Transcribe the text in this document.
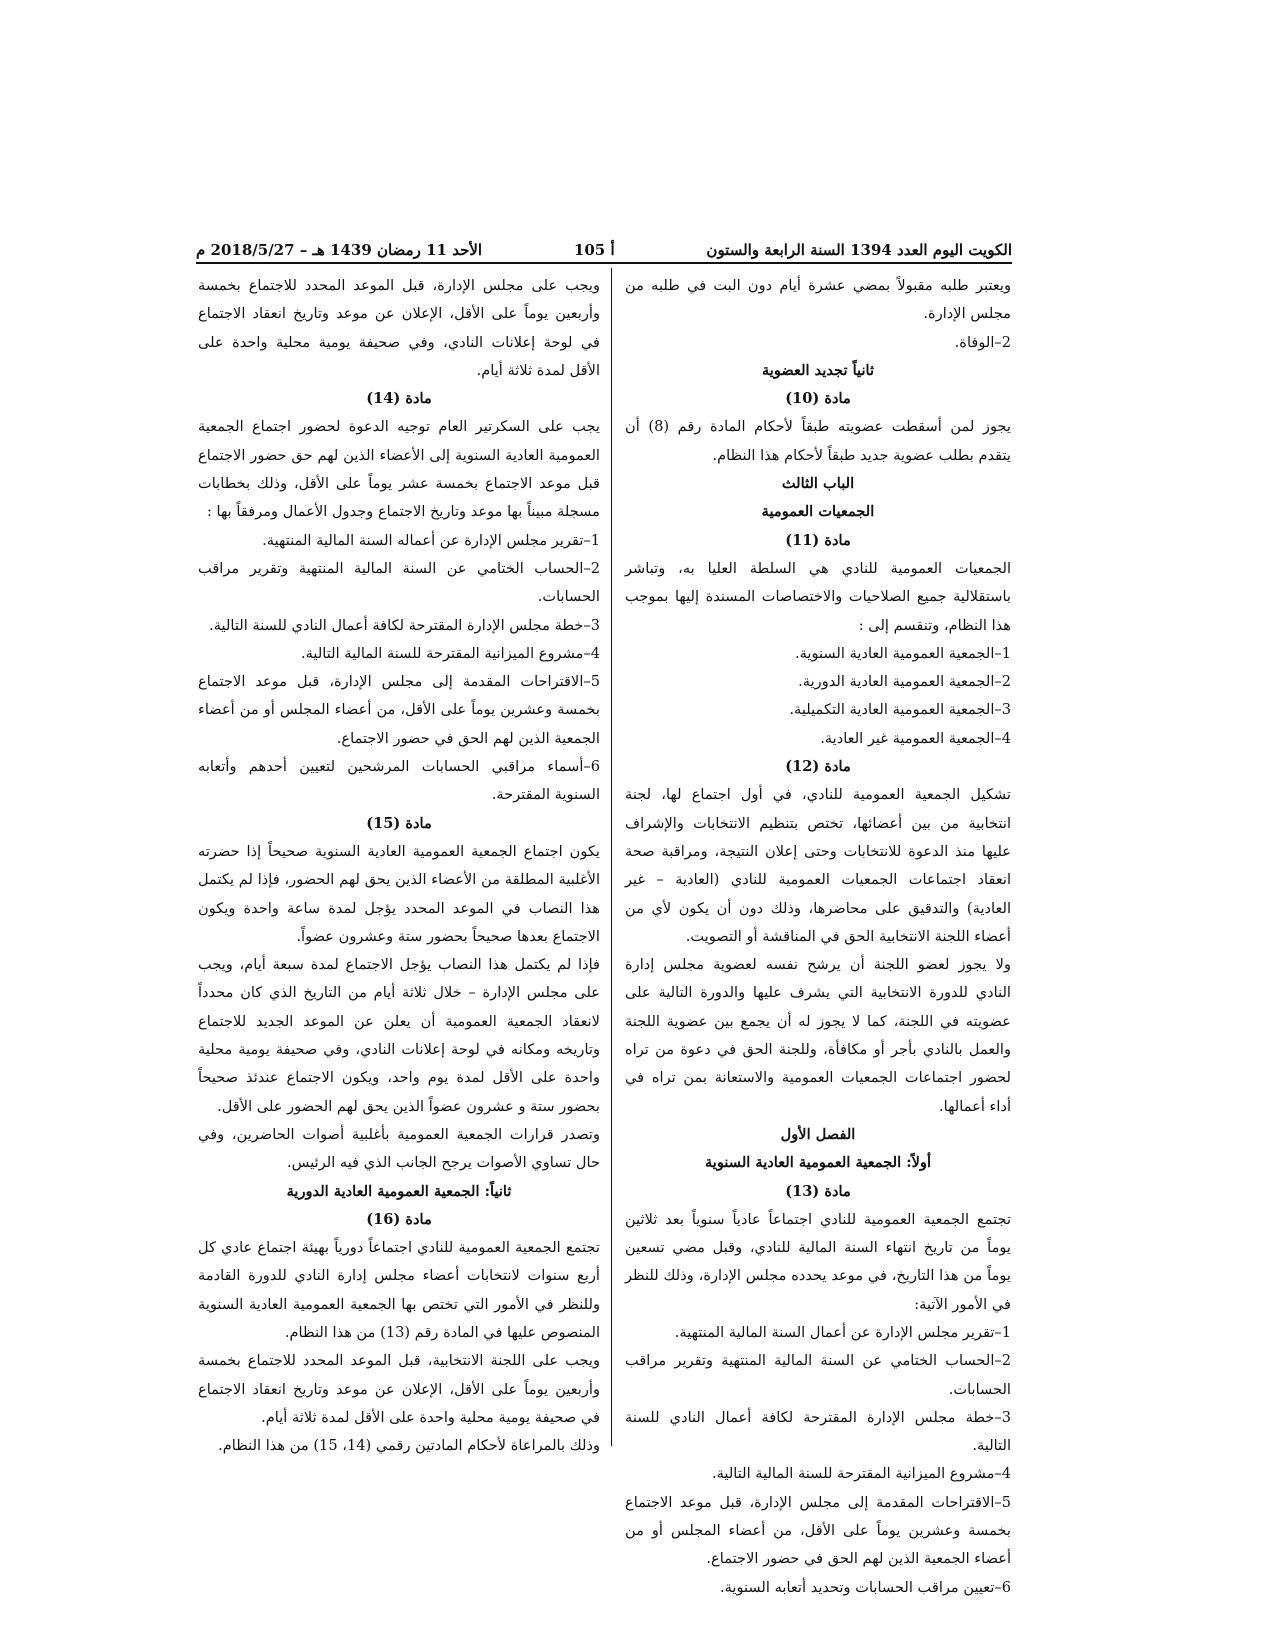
الكويت اليوم العدد 1394 السنة الرابعة والستون
أ 105
الأحد 11 رمضان 1439 هـ – 2018/5/27 م

ويعتبر طلبه مقبولاً بمضي عشرة أيام دون البت في طلبه من مجلس الإدارة.

2–الوفاة.

ثانياً تجديد العضوية

مادة (10)

يجوز لمن أسقطت عضويته طبقاً لأحكام المادة رقم (8) أن يتقدم بطلب عضوية جديد طبقاً لأحكام هذا النظام.

الباب الثالث

الجمعيات العمومية

مادة (11)

الجمعيات العمومية للنادي هي السلطة العليا به، وتباشر باستقلالية جميع الصلاحيات والاختصاصات المسندة إليها بموجب هذا النظام، وتنقسم إلى :

1–الجمعية العمومية العادية السنوية.

2–الجمعية العمومية العادية الدورية.

3–الجمعية العمومية العادية التكميلية.

4–الجمعية العمومية غير العادية.

مادة (12)

تشكيل الجمعية العمومية للنادي، في أول اجتماع لها، لجنة انتخابية من بين أعضائها، تختص بتنظيم الانتخابات والإشراف عليها منذ الدعوة للانتخابات وحتى إعلان النتيجة، ومراقبة صحة انعقاد اجتماعات الجمعيات العمومية للنادي (العادية – غير العادية) والتدقيق على محاضرها، وذلك دون أن يكون لأي من أعضاء اللجنة الانتخابية الحق في المناقشة أو التصويت.

ولا يجوز لعضو اللجنة أن يرشح نفسه لعضوية مجلس إدارة النادي للدورة الانتخابية التي يشرف عليها والدورة التالية على عضويته في اللجنة، كما لا يجوز له أن يجمع بين عضوية اللجنة والعمل بالنادي بأجر أو مكافأة، وللجنة الحق في دعوة من تراه لحضور اجتماعات الجمعيات العمومية والاستعانة بمن تراه في أداء أعمالها.

الفصل الأول

أولاً: الجمعية العمومية العادية السنوية

مادة (13)

تجتمع الجمعية العمومية للنادي اجتماعاً عادياً سنوياً بعد ثلاثين يوماً من تاريخ انتهاء السنة المالية للنادي، وقبل مضي تسعين يوماً من هذا التاريخ، في موعد يحدده مجلس الإدارة، وذلك للنظر في الأمور الآتية:

1–تقرير مجلس الإدارة عن أعمال السنة المالية المنتهية.

2–الحساب الختامي عن السنة المالية المنتهية وتقرير مراقب الحسابات.

3–خطة مجلس الإدارة المقترحة لكافة أعمال النادي للسنة التالية.

4–مشروع الميزانية المقترحة للسنة المالية التالية.

5–الاقتراحات المقدمة إلى مجلس الإدارة، قبل موعد الاجتماع بخمسة وعشرين يوماً على الأقل، من أعضاء المجلس أو من أعضاء الجمعية الذين لهم الحق في حضور الاجتماع.

6–تعيين مراقب الحسابات وتحديد أتعابه السنوية.

ويجب على مجلس الإدارة، قبل الموعد المحدد للاجتماع بخمسة وأربعين يوماً على الأقل، الإعلان عن موعد وتاريخ انعقاد الاجتماع في لوحة إعلانات النادي، وفي صحيفة يومية محلية واحدة على الأقل لمدة ثلاثة أيام.

مادة (14)

يجب على السكرتير العام توجيه الدعوة لحضور اجتماع الجمعية العمومية العادية السنوية إلى الأعضاء الذين لهم حق حضور الاجتماع قبل موعد الاجتماع بخمسة عشر يوماً على الأقل، وذلك بخطابات مسجلة مبيناً بها موعد وتاريخ الاجتماع وجدول الأعمال ومرفقاً بها :

1–تقرير مجلس الإدارة عن أعماله السنة المالية المنتهية.

2–الحساب الختامي عن السنة المالية المنتهية وتقرير مراقب الحسابات.

3–خطة مجلس الإدارة المقترحة لكافة أعمال النادي للسنة التالية.

4–مشروع الميزانية المقترحة للسنة المالية التالية.

5–الاقتراحات المقدمة إلى مجلس الإدارة، قبل موعد الاجتماع بخمسة وعشرين يوماً على الأقل، من أعضاء المجلس أو من أعضاء الجمعية الذين لهم الحق في حضور الاجتماع.

6–أسماء مراقبي الحسابات المرشحين لتعيين أحدهم وأتعابه السنوية المقترحة.

مادة (15)

يكون اجتماع الجمعية العمومية العادية السنوية صحيحاً إذا حضرته الأغلبية المطلقة من الأعضاء الذين يحق لهم الحضور، فإذا لم يكتمل هذا النصاب في الموعد المحدد يؤجل لمدة ساعة واحدة ويكون الاجتماع بعدها صحيحاً بحضور ستة وعشرون عضواً.

فإذا لم يكتمل هذا النصاب يؤجل الاجتماع لمدة سبعة أيام، ويجب على مجلس الإدارة – خلال ثلاثة أيام من التاريخ الذي كان محدداً لانعقاد الجمعية العمومية أن يعلن عن الموعد الجديد للاجتماع وتاريخه ومكانه في لوحة إعلانات النادي، وفي صحيفة يومية محلية واحدة على الأقل لمدة يوم واحد، ويكون الاجتماع عندئذ صحيحاً بحضور ستة و عشرون عضواً الذين يحق لهم الحضور على الأقل.

وتصدر قرارات الجمعية العمومية بأغلبية أصوات الحاضرين، وفي حال تساوي الأصوات يرجح الجانب الذي فيه الرئيس.

ثانياً: الجمعية العمومية العادية الدورية

مادة (16)

تجتمع الجمعية العمومية للنادي اجتماعاً دورياً بهيئة اجتماع عادي كل أربع سنوات لانتخابات أعضاء مجلس إدارة النادي للدورة القادمة وللنظر في الأمور التي تختص بها الجمعية العمومية العادية السنوية المنصوص عليها في المادة رقم (13) من هذا النظام.

ويجب على اللجنة الانتخابية، قبل الموعد المحدد للاجتماع بخمسة وأربعين يوماً على الأقل، الإعلان عن موعد وتاريخ انعقاد الاجتماع في صحيفة يومية محلية واحدة على الأقل لمدة ثلاثة أيام.

وذلك بالمراعاة لأحكام المادتين رقمي (14، 15) من هذا النظام.
